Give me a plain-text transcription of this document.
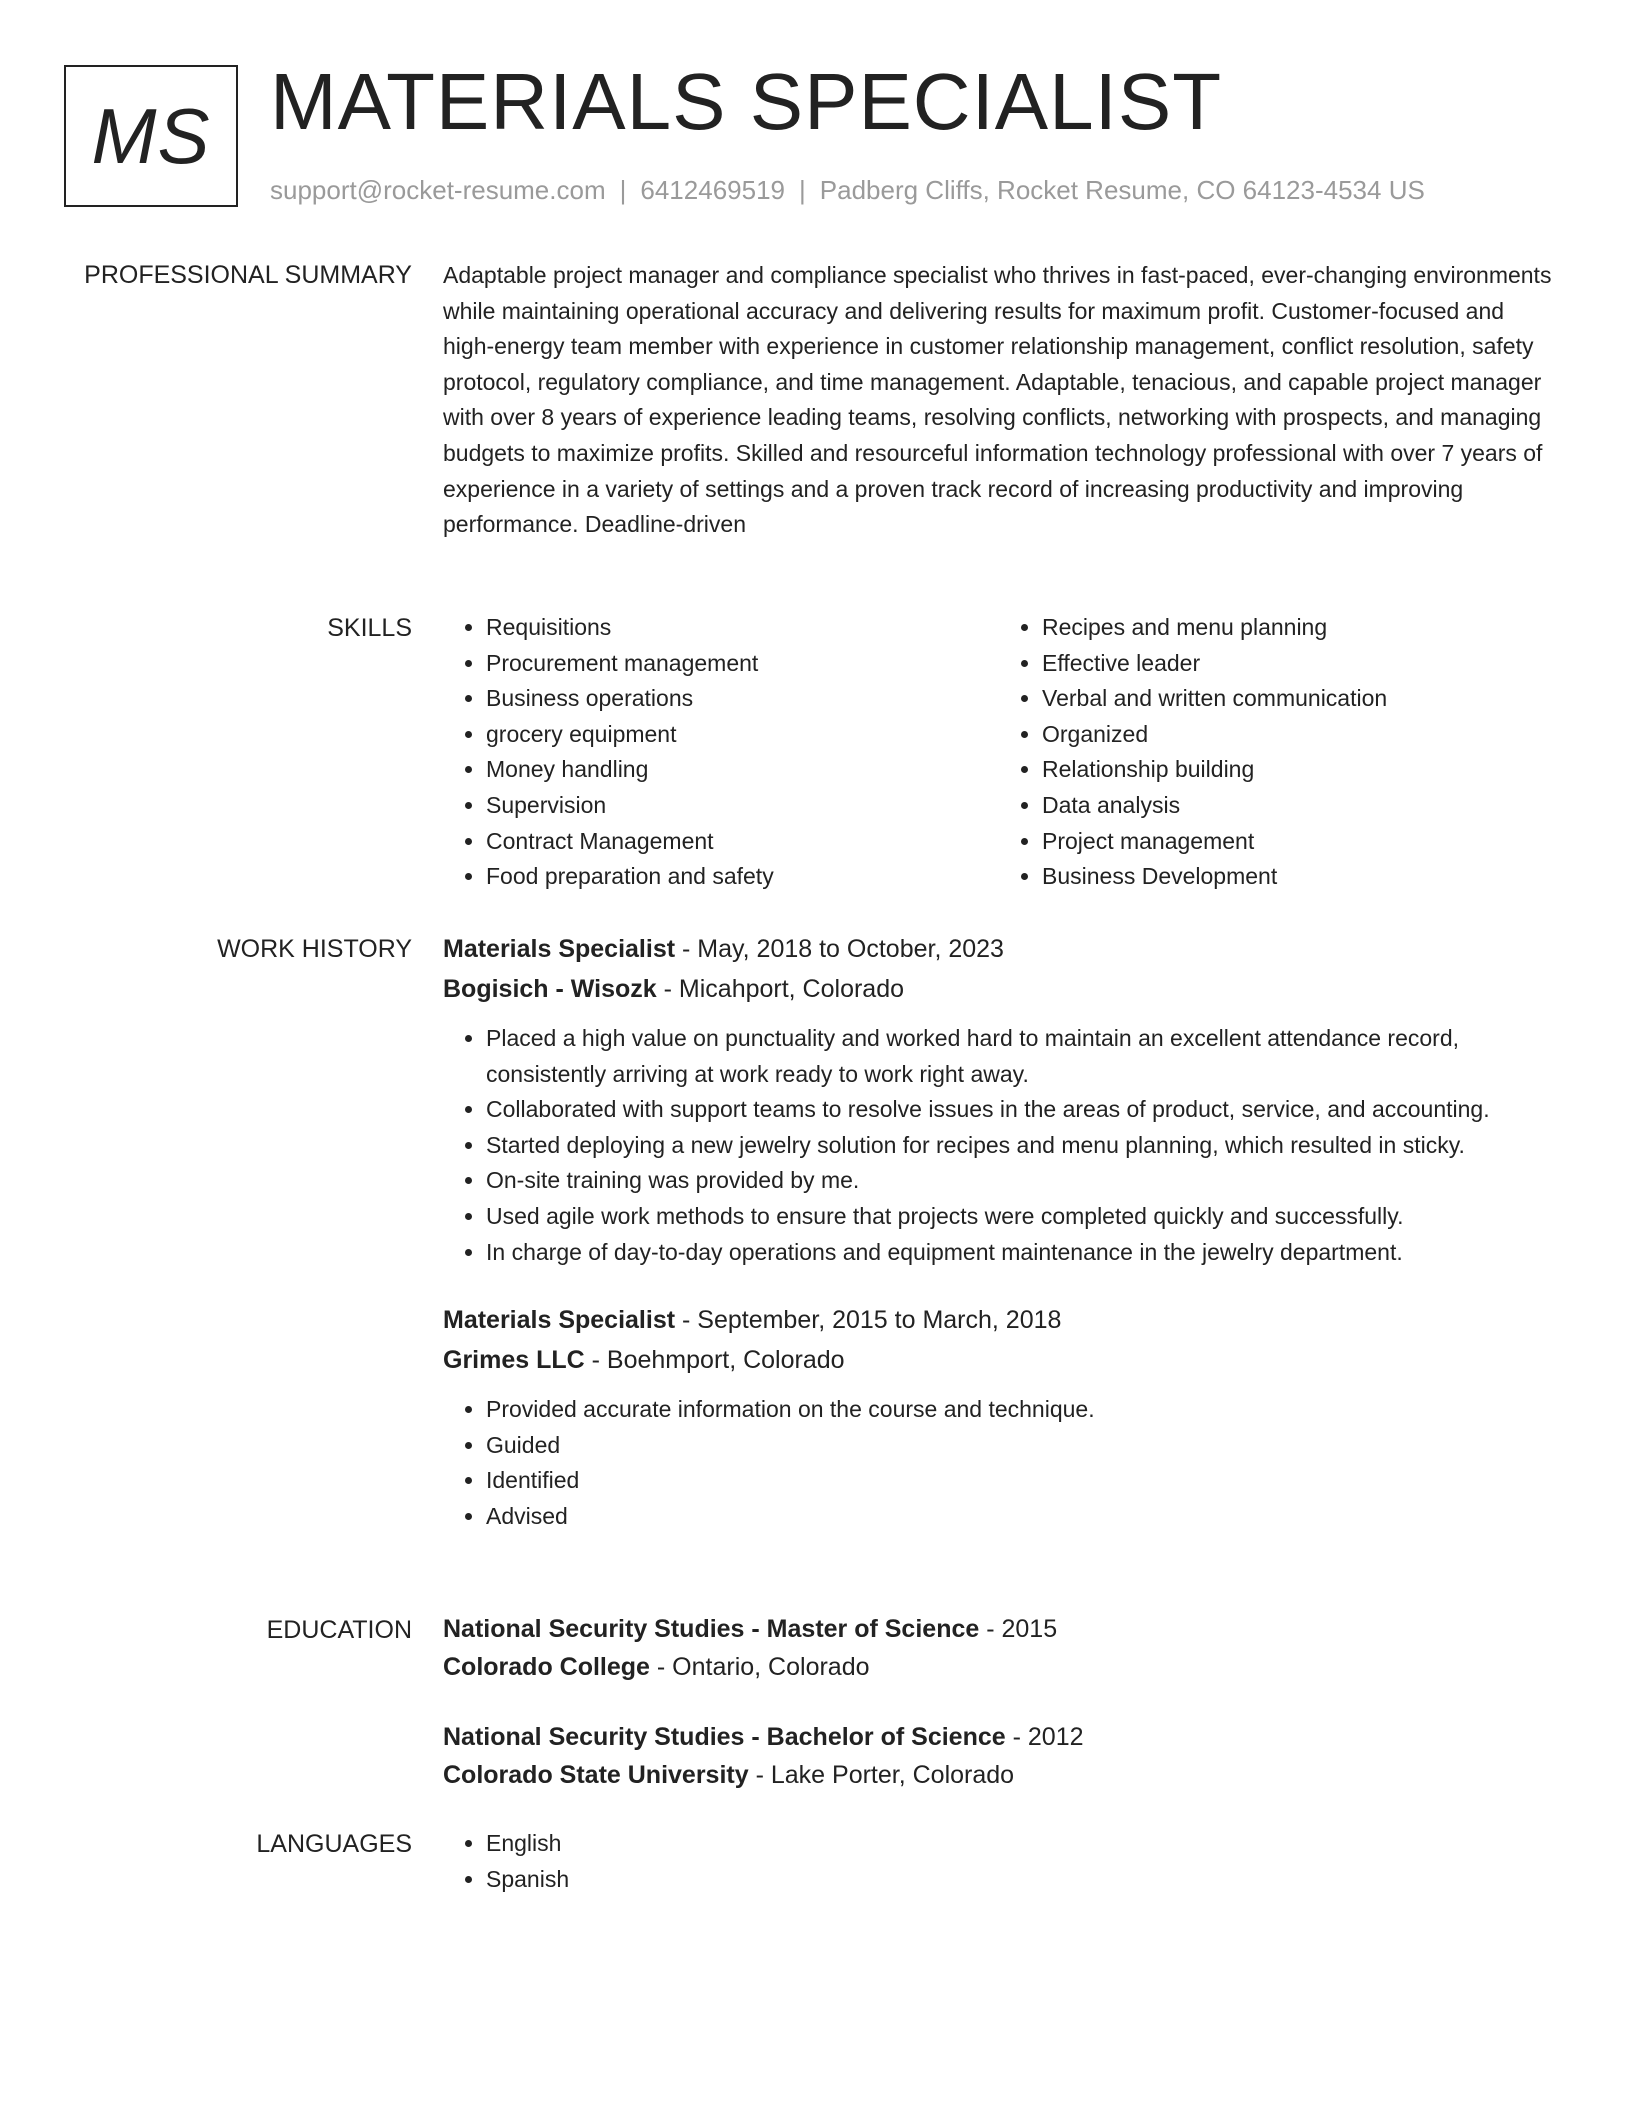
MS MATERIALS SPECIALIST
support@rocket-resume.com | 6412469519 | Padberg Cliffs, Rocket Resume, CO 64123-4534 US
PROFESSIONAL SUMMARY Adaptable project manager and compliance specialist who thrives in fast-paced, ever-changing environments while maintaining operational accuracy and delivering results for maximum profit. Customer-focused and high-energy team member with experience in customer relationship management, conflict resolution, safety protocol, regulatory compliance, and time management. Adaptable, tenacious, and capable project manager with over 8 years of experience leading teams, resolving conflicts, networking with prospects, and managing budgets to maximize profits. Skilled and resourceful information technology professional with over 7 years of experience in a variety of settings and a proven track record of increasing productivity and improving performance. Deadline-driven
SKILLS	• Requisitions
• Procurement management
• Business operations
• grocery equipment
• Money handling
• Supervision
• Contract Management
• Food preparation and safety
• Recipes and menu planning
• Effective leader
• Verbal and written communication
• Organized
• Relationship building
• Data analysis
• Project management
• Business Development
WORK HISTORY Materials Specialist - May, 2018 to October, 2023
Bogisich - Wisozk - Micahport, Colorado
• Placed a high value on punctuality and worked hard to maintain an excellent attendance record, consistently arriving at work ready to work right away.
• Collaborated with support teams to resolve issues in the areas of product, service, and accounting.
• Started deploying a new jewelry solution for recipes and menu planning, which resulted in sticky.
• On-site training was provided by me.
• Used agile work methods to ensure that projects were completed quickly and successfully.
• In charge of day-to-day operations and equipment maintenance in the jewelry department.
Materials Specialist - September, 2015 to March, 2018
Grimes LLC - Boehmport, Colorado
• Provided accurate information on the course and technique.
• Guided
• Identified
• Advised
EDUCATION National Security Studies - Master of Science - 2015
Colorado College - Ontario, Colorado
National Security Studies - Bachelor of Science - 2012
Colorado State University - Lake Porter, Colorado
LANGUAGES	• English
• Spanish
